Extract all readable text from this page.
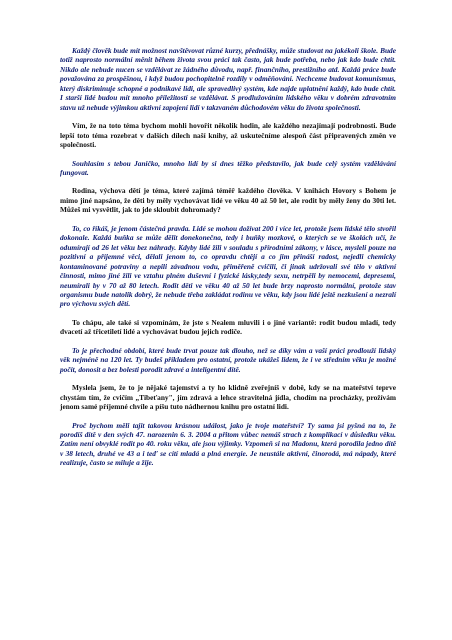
Každý člověk bude mít možnost navštěvovat různé kurzy, přednášky, může studovat na jakékoli škole. Bude totiž naprosto normální měnit během života svou práci tak často, jak bude potřeba, nebo jak kdo bude chtít. Nikdo ale nebude nucen se vzdělávat ze žádného důvodu, např. finančního, prestižního atd. Každá práce bude považována za prospěšnou, i když budou pochopitelně rozdíly v odměňování. Nechceme budovat komunismus, který diskriminuje schopné a podnikavé lidi, ale spravedlivý systém, kde najde uplatnění každý, kdo bude chtít. I starší lidé budou mít mnoho příležitostí se vzdělávat. S prodlužováním lidského věku v dobrém zdravotním stavu už nebude výjimkou aktivní zapojení lidí v takzvaném důchodovém věku do života společnosti.

Vím, že na toto téma bychom mohli hovořit několik hodin, ale každého nezajímají podrobnosti. Bude lepší toto téma rozebrat v dalších dílech naší knihy, až uskutečníme alespoň část připravených změn ve společnosti.

Souhlasím s tebou Janičko, mnoho lidí by si dnes těžko představilo, jak bude celý systém vzdělávání fungovat.

Rodina, výchova dětí je téma, které zajímá téměř každého člověka. V knihách Hovory s Bohem je mimo jiné napsáno, že děti by měly vychovávat lidé ve věku 40 až 50 let, ale rodit by měly ženy do 30ti let. Můžeš mi vysvětlit, jak to jde skloubit dohromady?

To, co říkáš, je jenom částečná pravda. Lidé se mohou dožívat 200 i více let, protože jsem lidské tělo stvořil dokonale. Každá buňka se může dělit donekonečna, tedy i buňky mozkové, o kterých se ve školách učí, že odumírají od 26 let věku bez náhrady. Kdyby lidé žili v souladu s přírodními zákony, v lásce, mysleli pouze na pozitivní a příjemné věci, dělali jenom to, co opravdu chtějí a co jim přináší radost, nejedli chemicky kontaminované potraviny a nepili závadnou vodu, přiměřeně cvičili, či jinak udržovali své tělo v aktivní činnosti, mimo jiné žili ve vztahu plném duševní i fyzické lásky,tedy sexu, netrpěli by nemocemi, depresemi, neumírali by v 70 až 80 letech. Rodit děti ve věku 40 až 50 let bude brzy naprosto normální, protože stav organismu bude natolik dobrý, že nebude třeba zakládat rodinu ve věku, kdy jsou lidé ještě nezkušení a nezralí pro výchovu svých dětí.

To chápu, ale také si vzpomínám, že jste s Nealem mluvili i o jiné variantě: rodit budou mladí, tedy dvacetí až třicetiletí lidé a vychovávat budou jejich rodiče.

To je přechodné období, které bude trvat pouze tak dlouho, než se díky vám a vaší práci prodlouží lidský věk nejméně na 120 let. Ty budeš příkladem pro ostatní, protože ukážeš lidem, že i ve středním věku je možné počít, donosit a bez bolesti porodit zdravé a inteligentní dítě.

Myslela jsem, že to je nějaké tajemství a ty ho klidně zveřejníš v době, kdy se na mateřství teprve chystám tím, že cvičím „Tibeťany", jím zdravá a lehce stravitelná jídla, chodím na procházky, prožívám jenom samé příjemné chvíle a píšu tuto nádhernou knihu pro ostatní lidi.

Proč bychom měli tajit takovou krásnou událost, jako je tvoje mateřství? Ty sama jsi pyšná na to, že porodíš dítě v den svých 47. narozenin 6. 3. 2004 a přitom vůbec nemáš strach z komplikací v důsledku věku. Zatím není obvyklé rodit po 40. roku věku, ale jsou výjimky. Vzpomeň si na Madonu, která porodila jedno dítě v 38 letech, druhé ve 43 a i teď se cítí mladá a plná energie. Je neustále aktivní, činorodá, má nápady, které realizuje, často se miluje a žije.
